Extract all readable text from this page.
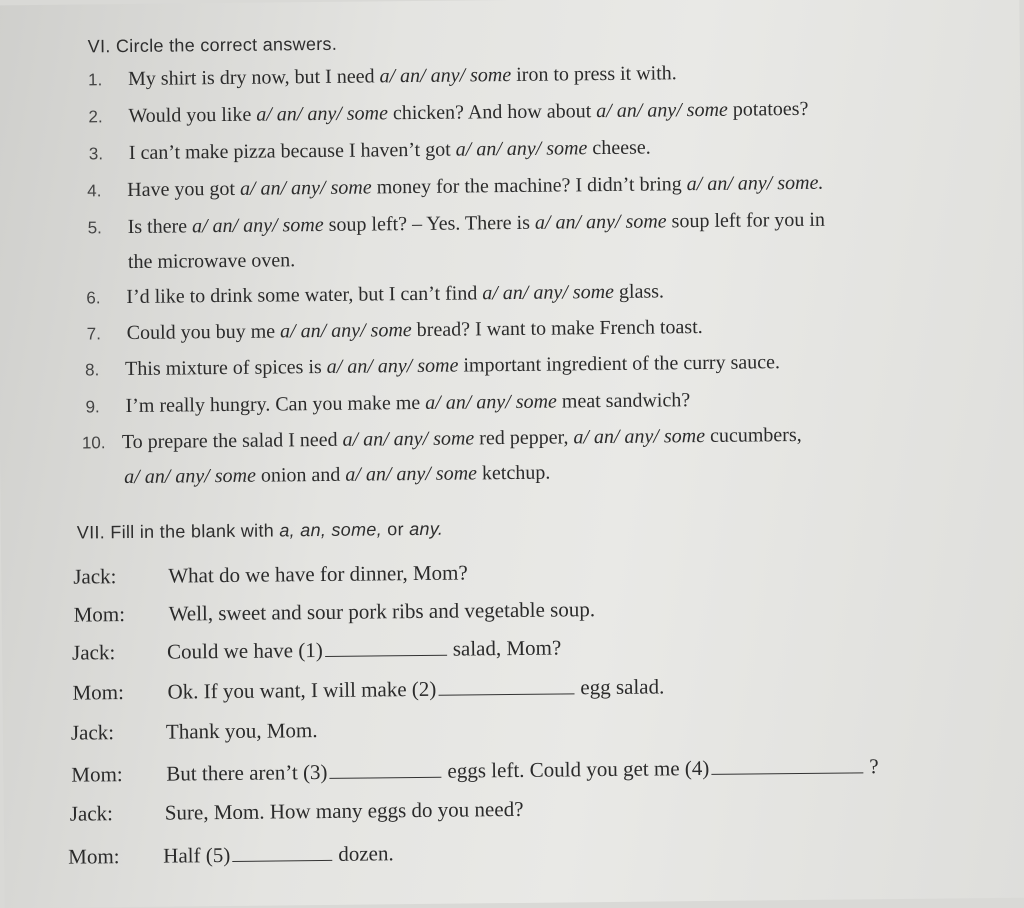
VI. Circle the correct answers.
1. My shirt is dry now, but I need a/ an/ any/ some iron to press it with.
2. Would you like a/ an/ any/ some chicken? And how about a/ an/ any/ some potatoes?
3. I can’t make pizza because I haven’t got a/ an/ any/ some cheese.
4. Have you got a/ an/ any/ some money for the machine? I didn’t bring a/ an/ any/ some.
5. Is there a/ an/ any/ some soup left? – Yes. There is a/ an/ any/ some soup left for you in
the microwave oven.
6. I’d like to drink some water, but I can’t find a/ an/ any/ some glass.
7. Could you buy me a/ an/ any/ some bread? I want to make French toast.
8. This mixture of spices is a/ an/ any/ some important ingredient of the curry sauce.
9. I’m really hungry. Can you make me a/ an/ any/ some meat sandwich?
10. To prepare the salad I need a/ an/ any/ some red pepper, a/ an/ any/ some cucumbers,
a/ an/ any/ some onion and a/ an/ any/ some ketchup.
VII. Fill in the blank with a, an, some, or any.
Jack: What do we have for dinner, Mom?
Mom: Well, sweet and sour pork ribs and vegetable soup.
Jack: Could we have (1)	salad, Mom?
Mom: Ok. If you want, I will make (2)	egg salad.
Jack: Thank you, Mom.
Mom: But there aren’t (3)	eggs left. Could you get me (4)	?
Jack: Sure, Mom. How many eggs do you need?
Mom: Half (5)	dozen.
